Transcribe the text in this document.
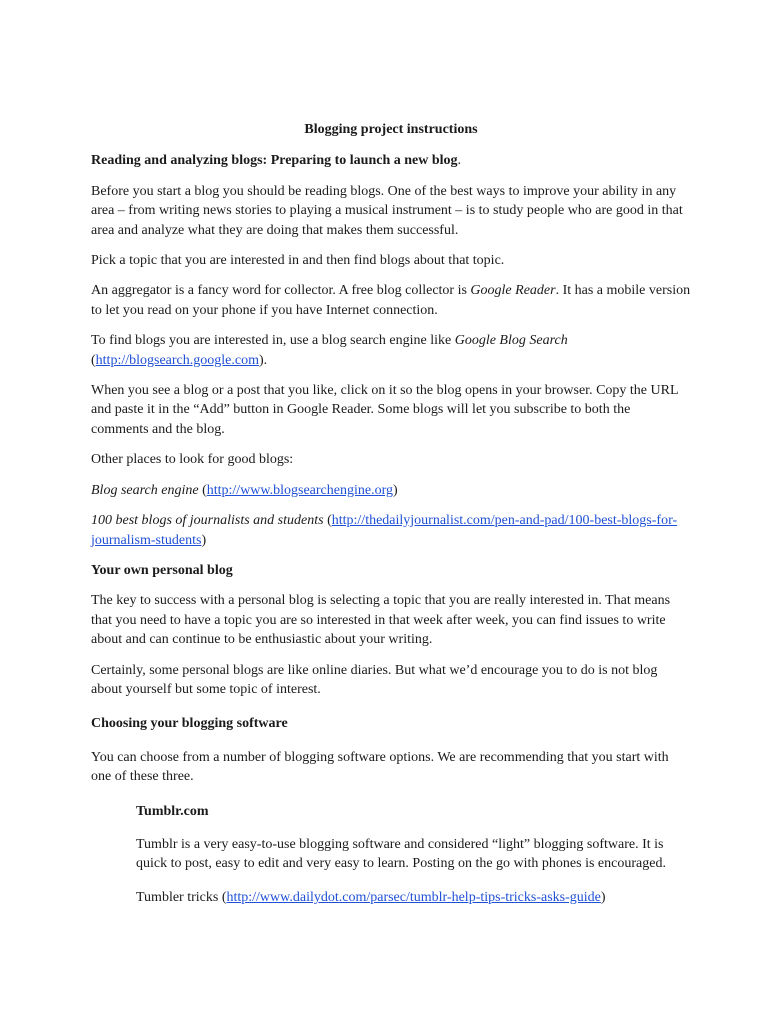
Blogging project instructions

Reading and analyzing blogs: Preparing to launch a new blog.

Before you start a blog you should be reading blogs. One of the best ways to improve your ability in any area – from writing news stories to playing a musical instrument – is to study people who are good in that area and analyze what they are doing that makes them successful.

Pick a topic that you are interested in and then find blogs about that topic.

An aggregator is a fancy word for collector. A free blog collector is Google Reader. It has a mobile version to let you read on your phone if you have Internet connection.

To find blogs you are interested in, use a blog search engine like Google Blog Search (http://blogsearch.google.com).

When you see a blog or a post that you like, click on it so the blog opens in your browser. Copy the URL and paste it in the “Add” button in Google Reader. Some blogs will let you subscribe to both the comments and the blog.

Other places to look for good blogs:

Blog search engine (http://www.blogsearchengine.org)

100 best blogs of journalists and students (http://thedailyjournalist.com/pen-and-pad/100-best-blogs-for-journalism-students)

Your own personal blog

The key to success with a personal blog is selecting a topic that you are really interested in. That means that you need to have a topic you are so interested in that week after week, you can find issues to write about and can continue to be enthusiastic about your writing.

Certainly, some personal blogs are like online diaries. But what we’d encourage you to do is not blog about yourself but some topic of interest.

Choosing your blogging software

You can choose from a number of blogging software options. We are recommending that you start with one of these three.

Tumblr.com

Tumblr is a very easy-to-use blogging software and considered “light” blogging software. It is quick to post, easy to edit and very easy to learn. Posting on the go with phones is encouraged.

Tumbler tricks (http://www.dailydot.com/parsec/tumblr-help-tips-tricks-asks-guide)
